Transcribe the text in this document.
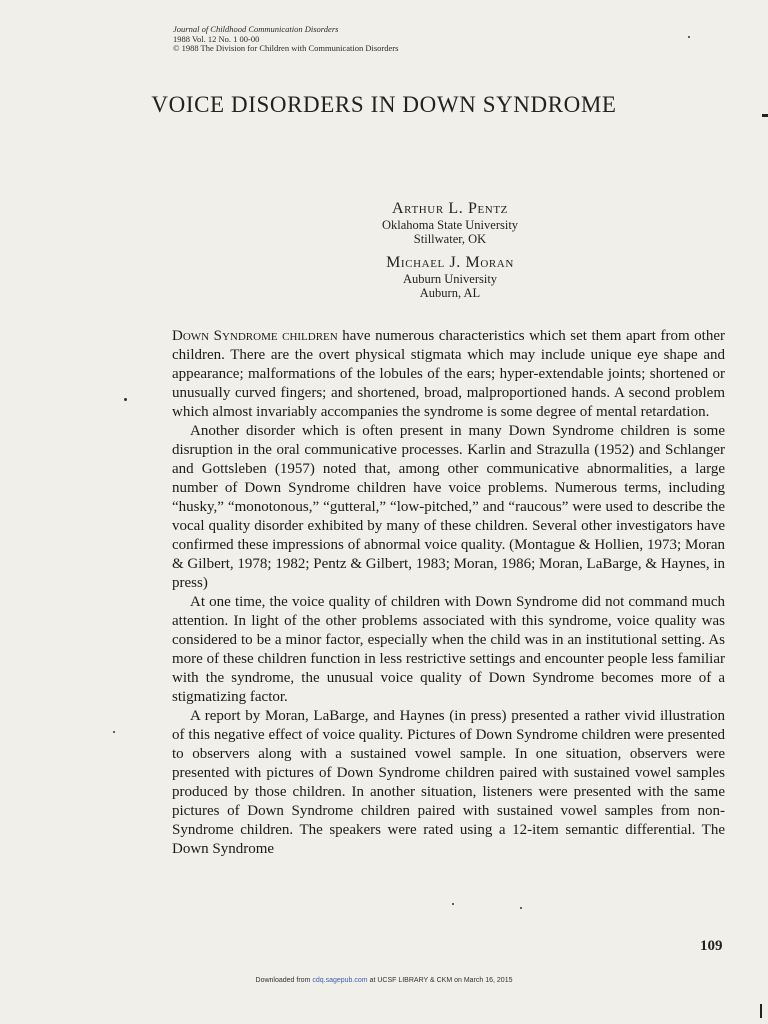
Journal of Childhood Communication Disorders
1988 Vol. 12 No. 1 00-00
© 1988 The Division for Children with Communication Disorders
VOICE DISORDERS IN DOWN SYNDROME
Arthur L. Pentz
Oklahoma State University
Stillwater, OK
Michael J. Moran
Auburn University
Auburn, AL

Down Syndrome children have numerous characteristics which set them apart from other children. There are the overt physical stigmata which may include unique eye shape and appearance; malformations of the lobules of the ears; hyper-extendable joints; shortened or unusually curved fingers; and shortened, broad, malproportioned hands. A second problem which almost invariably accompanies the syndrome is some degree of mental retardation.

Another disorder which is often present in many Down Syndrome children is some disruption in the oral communicative processes. Karlin and Strazulla (1952) and Schlanger and Gottsleben (1957) noted that, among other communicative abnormalities, a large number of Down Syndrome children have voice problems. Numerous terms, including “husky,” “monotonous,” “gutteral,” “low-pitched,” and “raucous” were used to describe the vocal quality disorder exhibited by many of these children. Several other investigators have confirmed these impressions of abnormal voice quality. (Montague & Hollien, 1973; Moran & Gilbert, 1978; 1982; Pentz & Gilbert, 1983; Moran, 1986; Moran, LaBarge, & Haynes, in press)

At one time, the voice quality of children with Down Syndrome did not command much attention. In light of the other problems associated with this syndrome, voice quality was considered to be a minor factor, especially when the child was in an institutional setting. As more of these children function in less restrictive settings and encounter people less familiar with the syndrome, the unusual voice quality of Down Syndrome becomes more of a stigmatizing factor.

A report by Moran, LaBarge, and Haynes (in press) presented a rather vivid illustration of this negative effect of voice quality. Pictures of Down Syndrome children were presented to observers along with a sustained vowel sample. In one situation, observers were presented with pictures of Down Syndrome children paired with sustained vowel samples produced by those children. In another situation, listeners were presented with the same pictures of Down Syndrome children paired with sustained vowel samples from non-Syndrome children. The speakers were rated using a 12-item semantic differential. The Down Syndrome

109
Downloaded from cdq.sagepub.com at UCSF LIBRARY & CKM on March 16, 2015
